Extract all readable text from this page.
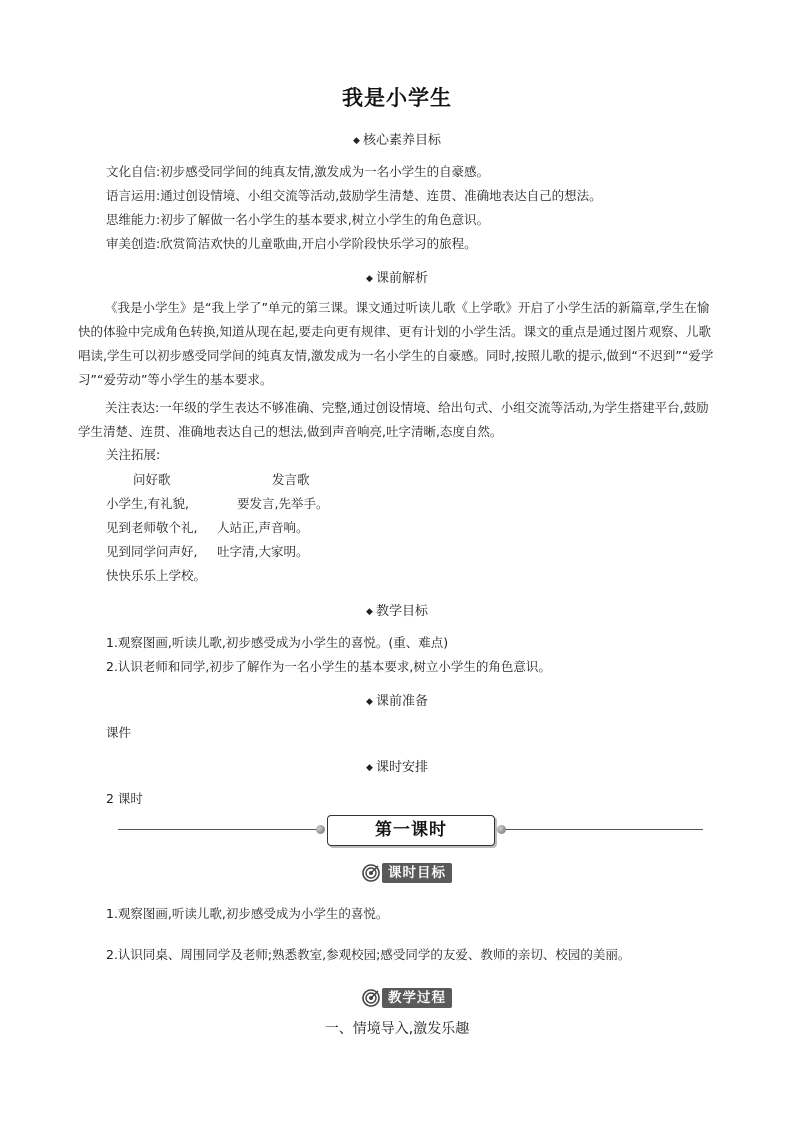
我是小学生
◆ 核心素养目标
文化自信:初步感受同学间的纯真友情,激发成为一名小学生的自豪感。
语言运用:通过创设情境、小组交流等活动,鼓励学生清楚、连贯、准确地表达自己的想法。
思维能力:初步了解做一名小学生的基本要求,树立小学生的角色意识。
审美创造:欣赏简洁欢快的儿童歌曲,开启小学阶段快乐学习的旅程。
◆ 课前解析
《我是小学生》是“我上学了”单元的第三课。课文通过听读儿歌《上学歌》开启了小学生活的新篇章,学生在愉快的体验中完成角色转换,知道从现在起,要走向更有规律、更有计划的小学生活。课文的重点是通过图片观察、儿歌唱读,学生可以初步感受同学间的纯真友情,激发成为一名小学生的自豪感。同时,按照儿歌的提示,做到“不迟到”“爱学习”“爱劳动”等小学生的基本要求。
关注表达:一年级的学生表达不够准确、完整,通过创设情境、给出句式、小组交流等活动,为学生搭建平台,鼓励学生清楚、连贯、准确地表达自己的想法,做到声音响亮,吐字清晰,态度自然。
关注拓展:
问好歌	发言歌
小学生,有礼貌,
见到老师敬个礼,
见到同学问声好,
快快乐乐上学校。
要发言,先举手。
人站正,声音响。
吐字清,大家明。
◆ 教学目标
1.观察图画,听读儿歌,初步感受成为小学生的喜悦。(重、难点)
2.认识老师和同学,初步了解作为一名小学生的基本要求,树立小学生的角色意识。
◆ 课前准备
课件
◆ 课时安排
2 课时
第一课时
课时目标
1.观察图画,听读儿歌,初步感受成为小学生的喜悦。
2.认识同桌、周围同学及老师;熟悉教室,参观校园;感受同学的友爱、教师的亲切、校园的美丽。
教学过程
一、情境导入,激发乐趣
